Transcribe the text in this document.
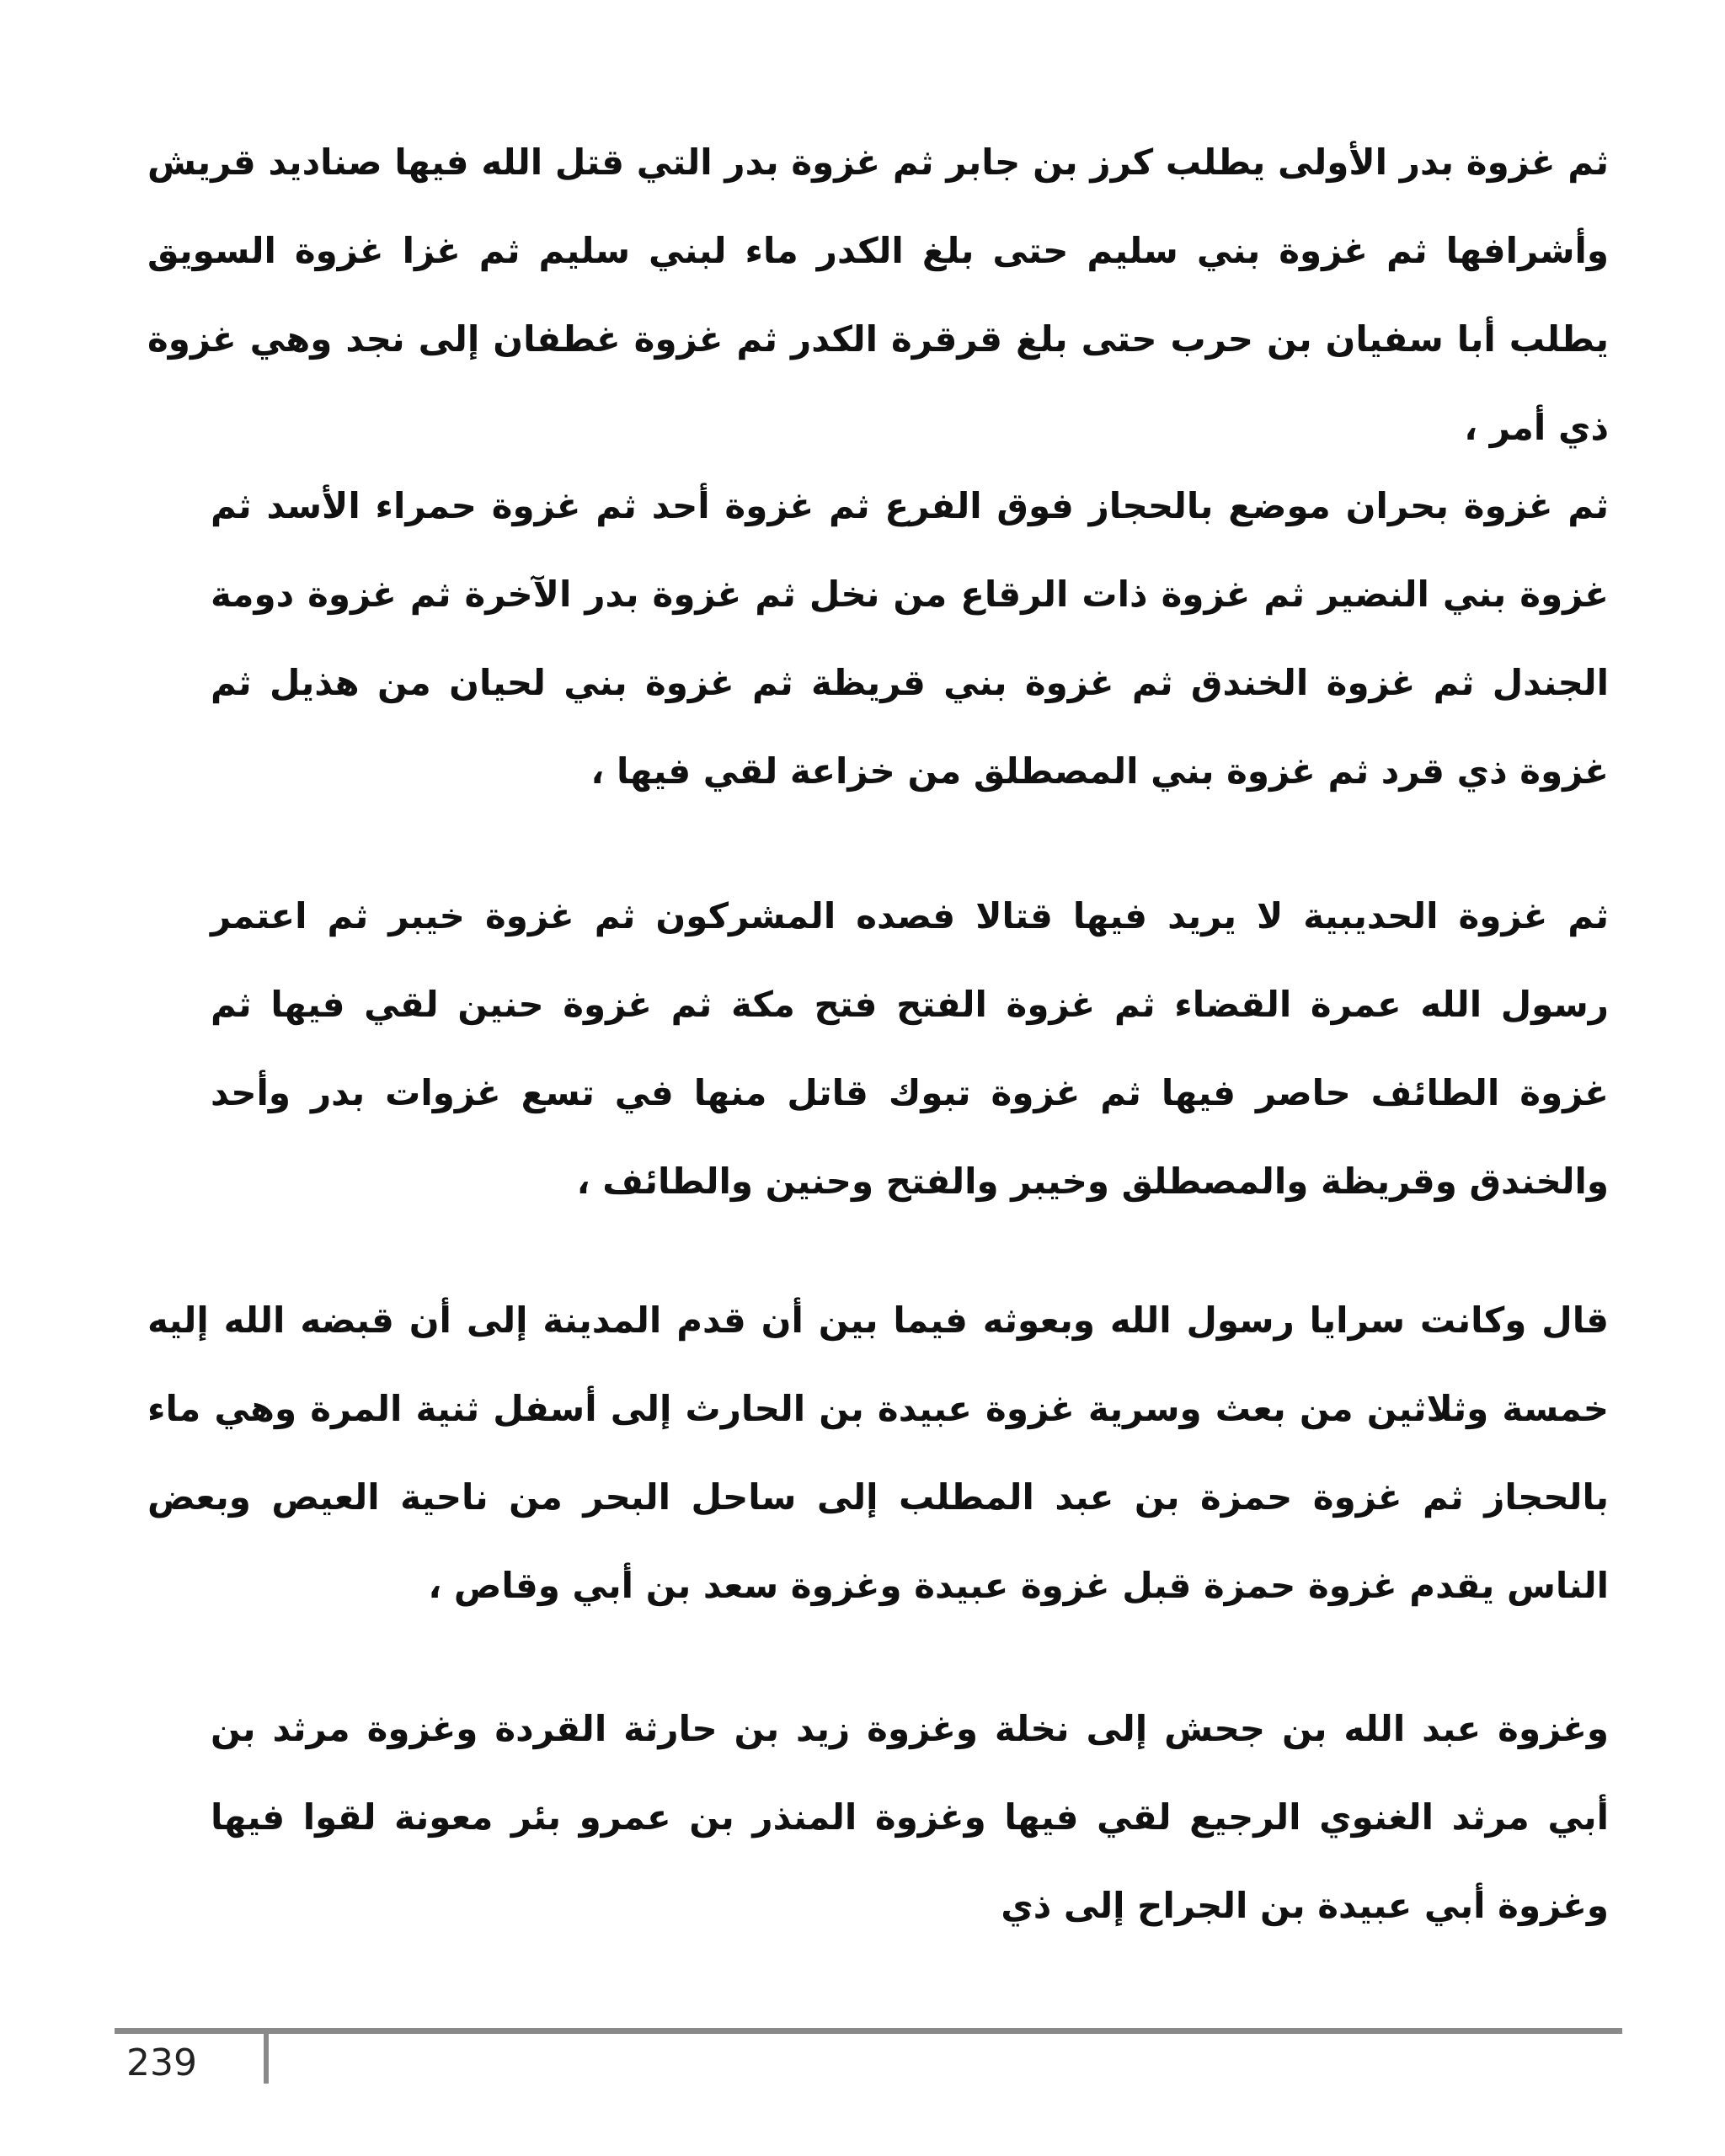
ثم غزوة بدر الأولى يطلب كرز بن جابر ثم غزوة بدر التي قتل الله فيها صناديد قريش وأشرافها ثم غزوة بني سليم حتى بلغ الكدر ماء لبني سليم ثم غزا غزوة السويق يطلب أبا سفيان بن حرب حتى بلغ قرقرة الكدر ثم غزوة غطفان إلى نجد وهي غزوة ذي أمر ،

ثم غزوة بحران موضع بالحجاز فوق الفرع ثم غزوة أحد ثم غزوة حمراء الأسد ثم غزوة بني النضير ثم غزوة ذات الرقاع من نخل ثم غزوة بدر الآخرة ثم غزوة دومة الجندل ثم غزوة الخندق ثم غزوة بني قريظة ثم غزوة بني لحيان من هذيل ثم غزوة ذي قرد ثم غزوة بني المصطلق من خزاعة لقي فيها ،

ثم غزوة الحديبية لا يريد فيها قتالا فصده المشركون ثم غزوة خيبر ثم اعتمر رسول الله عمرة القضاء ثم غزوة الفتح فتح مكة ثم غزوة حنين لقي فيها ثم غزوة الطائف حاصر فيها ثم غزوة تبوك قاتل منها في تسع غزوات بدر وأحد والخندق وقريظة والمصطلق وخيبر والفتح وحنين والطائف ،

قال وكانت سرايا رسول الله وبعوثه فيما بين أن قدم المدينة إلى أن قبضه الله إليه خمسة وثلاثين من بعث وسرية غزوة عبيدة بن الحارث إلى أسفل ثنية المرة وهي ماء بالحجاز ثم غزوة حمزة بن عبد المطلب إلى ساحل البحر من ناحية العيص وبعض الناس يقدم غزوة حمزة قبل غزوة عبيدة وغزوة سعد بن أبي وقاص ،

وغزوة عبد الله بن جحش إلى نخلة وغزوة زيد بن حارثة القردة وغزوة مرثد بن أبي مرثد الغنوي الرجيع لقي فيها وغزوة المنذر بن عمرو بئر معونة لقوا فيها وغزوة أبي عبيدة بن الجراح إلى ذي

239
